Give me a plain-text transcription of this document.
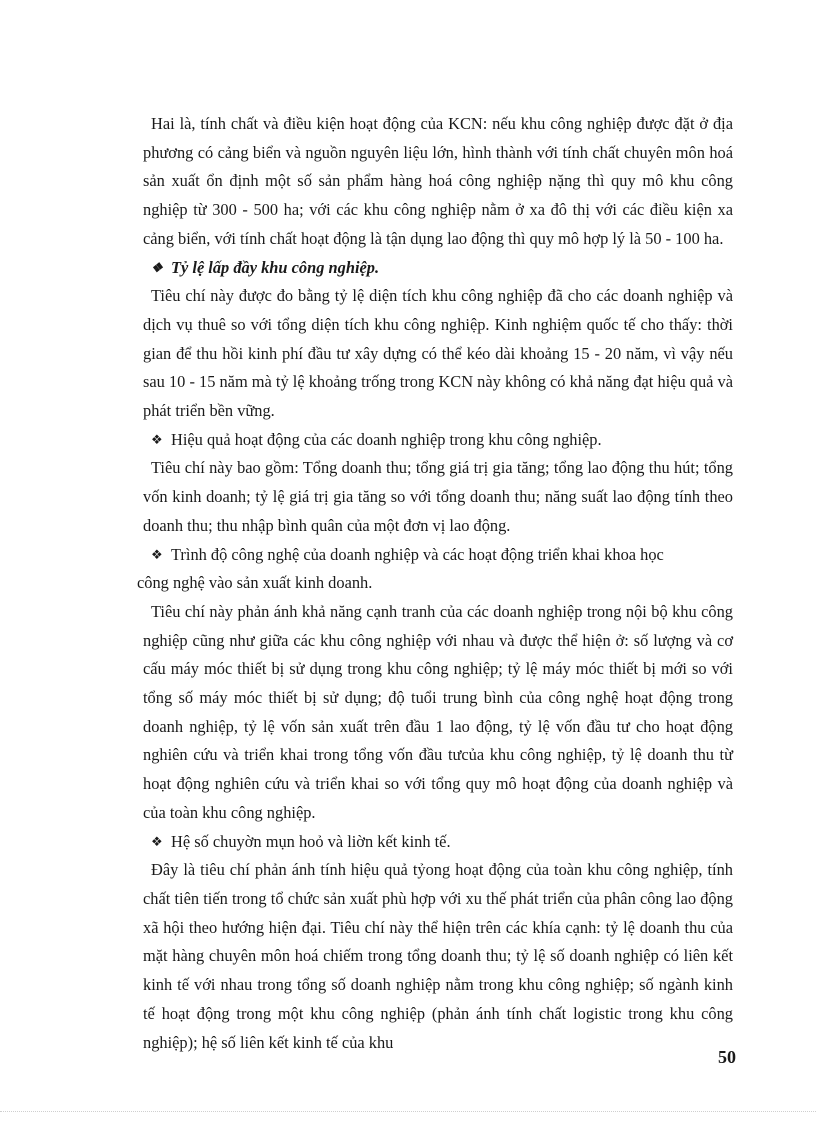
Hai là, tính chất và điều kiện hoạt động của KCN: nếu khu công nghiệp được đặt ở địa phương có cảng biển và nguồn nguyên liệu lớn, hình thành với tính chất chuyên môn hoá sản xuất ổn định một số sản phẩm hàng hoá công nghiệp nặng thì quy mô khu công nghiệp từ 300 - 500 ha; với các khu công nghiệp nằm ở xa đô thị với các điều kiện xa cảng biển, với tính chất hoạt động là tận dụng lao động thì quy mô hợp lý là 50 - 100 ha.

❖ Tỷ lệ lấp đầy khu công nghiệp.

Tiêu chí này được đo bằng tỷ lệ diện tích khu công nghiệp đã cho các doanh nghiệp và dịch vụ thuê so với tổng diện tích khu công nghiệp. Kinh nghiệm quốc tế cho thấy: thời gian để thu hồi kinh phí đầu tư xây dựng có thể kéo dài khoảng 15 - 20 năm, vì vậy nếu sau 10 - 15 năm mà tỷ lệ khoảng trống trong KCN này không có khả năng đạt hiệu quả và phát triển bền vững.

❖ Hiệu quả hoạt động của các doanh nghiệp trong khu công nghiệp.

Tiêu chí này bao gồm: Tổng doanh thu; tổng giá trị gia tăng; tổng lao động thu hút; tổng vốn kinh doanh; tỷ lệ giá trị gia tăng so với tổng doanh thu; năng suất lao động tính theo doanh thu; thu nhập bình quân của một đơn vị lao động.

❖ Trình độ công nghệ của doanh nghiệp và các hoạt động triển khai khoa học
công nghệ vào sản xuất kinh doanh.

Tiêu chí này phản ánh khả năng cạnh tranh của các doanh nghiệp trong nội bộ khu công nghiệp cũng như giữa các khu công nghiệp với nhau và được thể hiện ở: số lượng và cơ cấu máy móc thiết bị sử dụng trong khu công nghiệp; tỷ lệ máy móc thiết bị mới so với tổng số máy móc thiết bị sử dụng; độ tuổi trung bình của công nghệ hoạt động trong doanh nghiệp, tỷ lệ vốn sản xuất trên đầu 1 lao động, tỷ lệ vốn đầu tư cho hoạt động nghiên cứu và triển khai trong tổng vốn đầu tưcủa khu công nghiệp, tỷ lệ doanh thu từ hoạt động nghiên cứu và triển khai so với tổng quy mô hoạt động của doanh nghiệp và của toàn khu công nghiệp.

❖ Hệ số chuyờn mụn hoỏ và liờn kết kinh tế.

Đây là tiêu chí phản ánh tính hiệu quả tỷong hoạt động của toàn khu công nghiệp, tính chất tiên tiến trong tổ chức sản xuất phù hợp với xu thế phát triển của phân công lao động xã hội theo hướng hiện đại. Tiêu chí này thể hiện trên các khía cạnh: tỷ lệ doanh thu của mặt hàng chuyên môn hoá chiếm trong tổng doanh thu; tỷ lệ số doanh nghiệp có liên kết kinh tế với nhau trong tổng số doanh nghiệp nằm trong khu công nghiệp; số ngành kinh tế hoạt động trong một khu công nghiệp (phản ánh tính chất logistic trong khu công nghiệp); hệ số liên kết kinh tế của khu

50
